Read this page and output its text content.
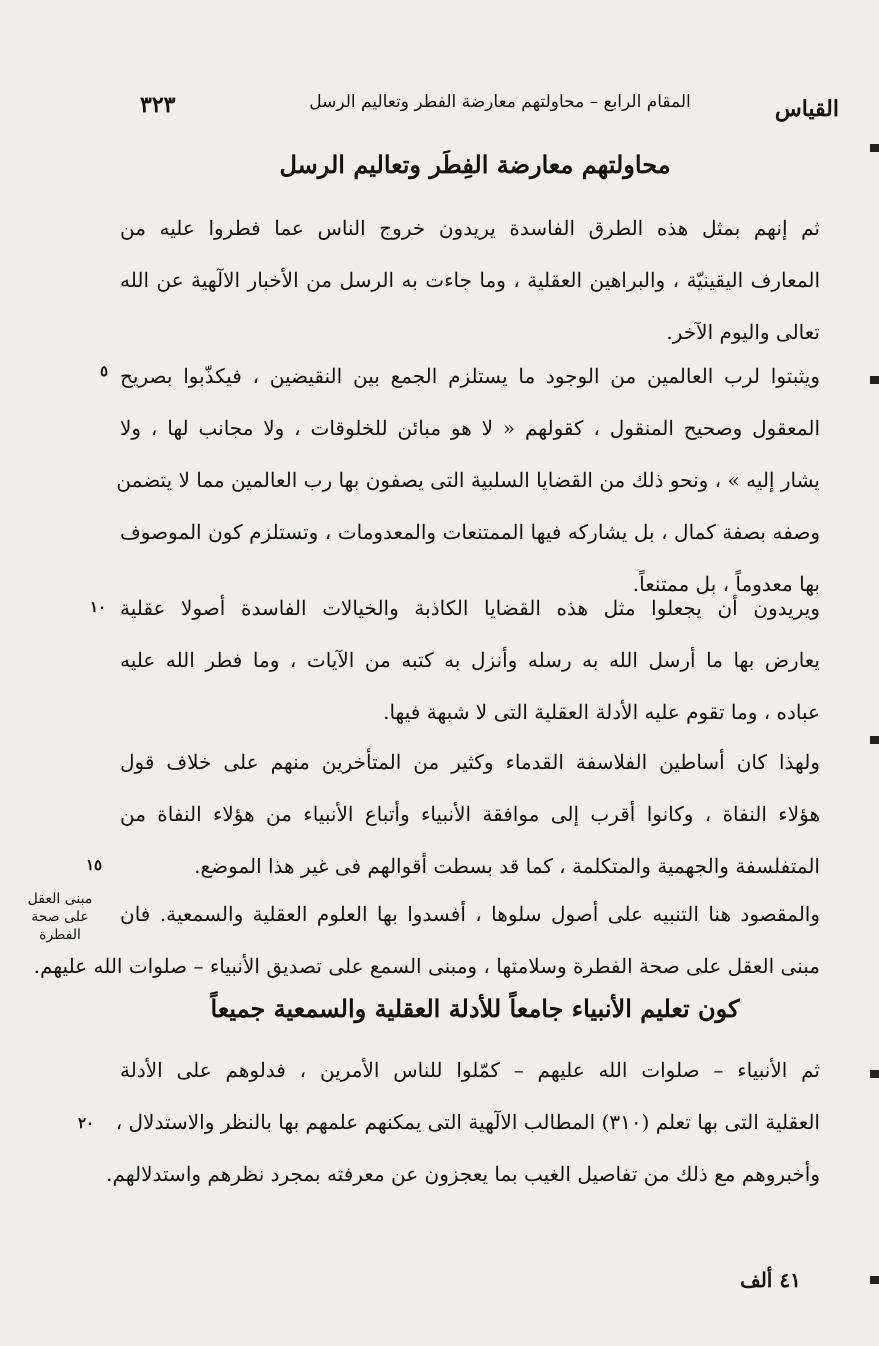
القياس
المقام الرابع – محاولتهم معارضة الفطر وتعاليم الرسل
٣٢٣
محاولتهم معارضة الفِطَر وتعاليم الرسل
ثم إنهم بمثل هذه الطرق الفاسدة يريدون خروج الناس عما فطروا عليه من
المعارف اليقينيّة ، والبراهين العقلية ، وما جاءت به الرسل من الأخبار الالٓهية عن الله
تعالى واليوم الآخر.
ويثبتوا لرب العالمين من الوجود ما يستلزم الجمع بين النقيضين ، فيكذّبوا بصريح
المعقول وصحيح المنقول ، كقولهم « لا هو مبائن للخلوقات ، ولا مجانب لها ، ولا
يشار إليه » ، ونحو ذلك من القضايا السلبية التى يصفون بها رب العالمين مما لا يتضمن
وصفه بصفة كمال ، بل يشاركه فيها الممتنعات والمعدومات ، وتستلزم كون الموصوف
بها معدوماً ، بل ممتنعاً.
ويريدون أن يجعلوا مثل هذه القضايا الكاذبة والخيالات الفاسدة أصولا عقلية
يعارض بها ما أرسل الله به رسله وأنزل به كتبه من الآيات ، وما فطر الله عليه
عباده ، وما تقوم عليه الأدلة العقلية التى لا شبهة فيها.
ولهذا كان أساطين الفلاسفة القدماء وكثير من المتأخرين منهم على خلاف قول
هؤلاء النفاة ، وكانوا أقرب إلى موافقة الأنبياء وأتباع الأنبياء من هؤلاء النفاة من
المتفلسفة والجهمية والمتكلمة ، كما قد بسطت أقوالهم فى غير هذا الموضع.
والمقصود هنا التنبيه على أصول سلوها ، أفسدوا بها العلوم العقلية والسمعية. فان
مبنى العقل على صحة الفطرة وسلامتها ، ومبنى السمع على تصديق الأنبياء – صلوات الله عليهم.
كون تعليم الأنبياء جامعاً للأدلة العقلية والسمعية جميعاً
ثم الأنبياء – صلوات الله عليهم – كمّلوا للناس الأمرين ، فدلوهم على الأدلة
العقلية التى بها تعلم (٣١٠) المطالب الالٓهية التى يمكنهم علمهم بها بالنظر والاستدلال ،
وأخبروهم مع ذلك من تفاصيل الغيب بما يعجزون عن معرفته بمجرد نظرهم واستدلالهم.
٥
١٠
١٥
٢٠
مبنى العقل على صحة الفطرة
٤١ ألف
